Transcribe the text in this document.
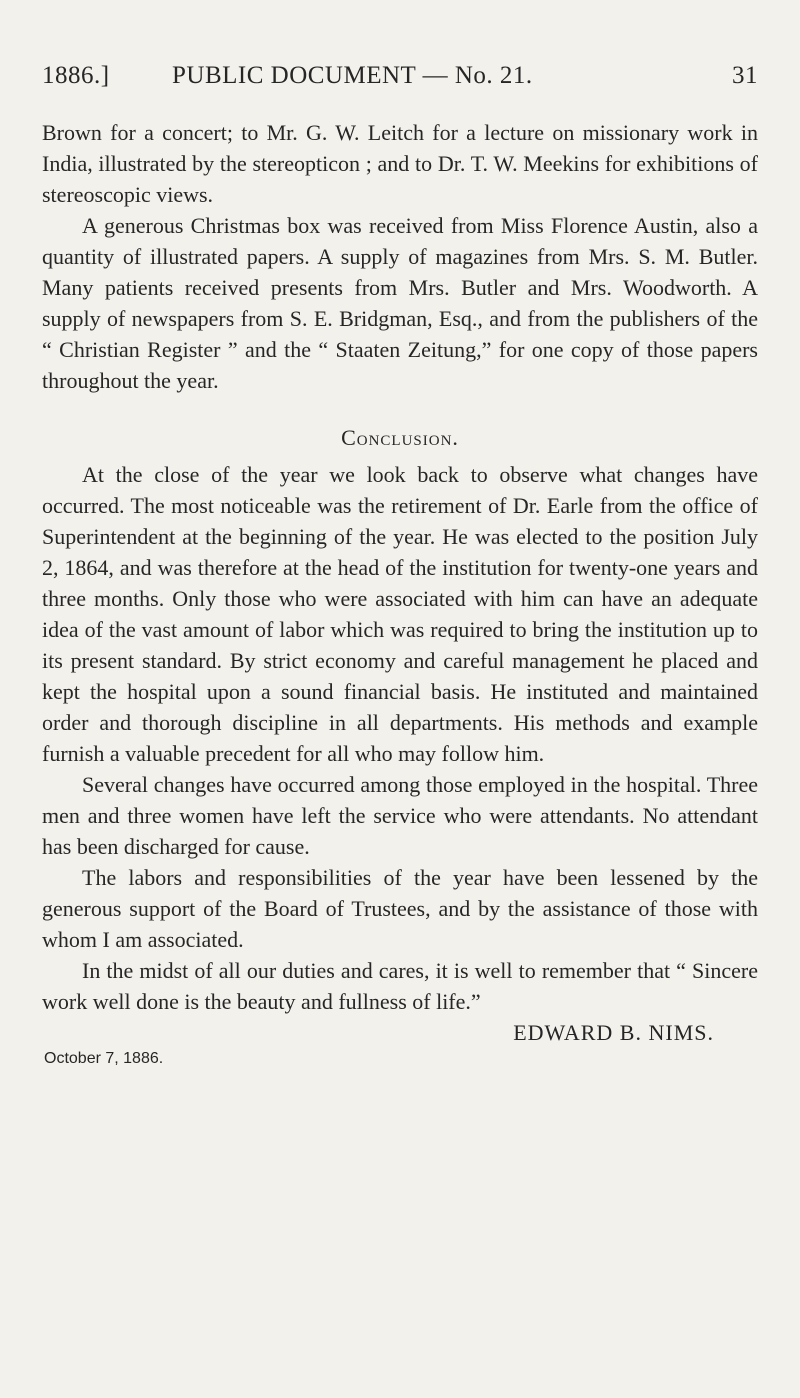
1886.] PUBLIC DOCUMENT — No. 21.	31

Brown for a concert; to Mr. G. W. Leitch for a lecture on missionary work in India, illustrated by the stereopticon ; and to Dr. T. W. Meekins for exhibitions of stereoscopic views.

A generous Christmas box was received from Miss Florence Austin, also a quantity of illustrated papers. A supply of magazines from Mrs. S. M. Butler. Many patients received presents from Mrs. Butler and Mrs. Woodworth. A supply of newspapers from S. E. Bridgman, Esq., and from the publishers of the “ Christian Register ” and the “ Staaten Zeitung,” for one copy of those papers throughout the year.

Conclusion.

At the close of the year we look back to observe what changes have occurred. The most noticeable was the retirement of Dr. Earle from the office of Superintendent at the beginning of the year. He was elected to the position July 2, 1864, and was therefore at the head of the institution for twenty-one years and three months. Only those who were associated with him can have an adequate idea of the vast amount of labor which was required to bring the institution up to its present standard. By strict economy and careful management he placed and kept the hospital upon a sound financial basis. He instituted and maintained order and thorough discipline in all departments. His methods and example furnish a valuable precedent for all who may follow him.

Several changes have occurred among those employed in the hospital. Three men and three women have left the service who were attendants. No attendant has been discharged for cause.

The labors and responsibilities of the year have been lessened by the generous support of the Board of Trustees, and by the assistance of those with whom I am associated.

In the midst of all our duties and cares, it is well to remember that “ Sincere work well done is the beauty and fullness of life.”

EDWARD B. NIMS.

October 7, 1886.
